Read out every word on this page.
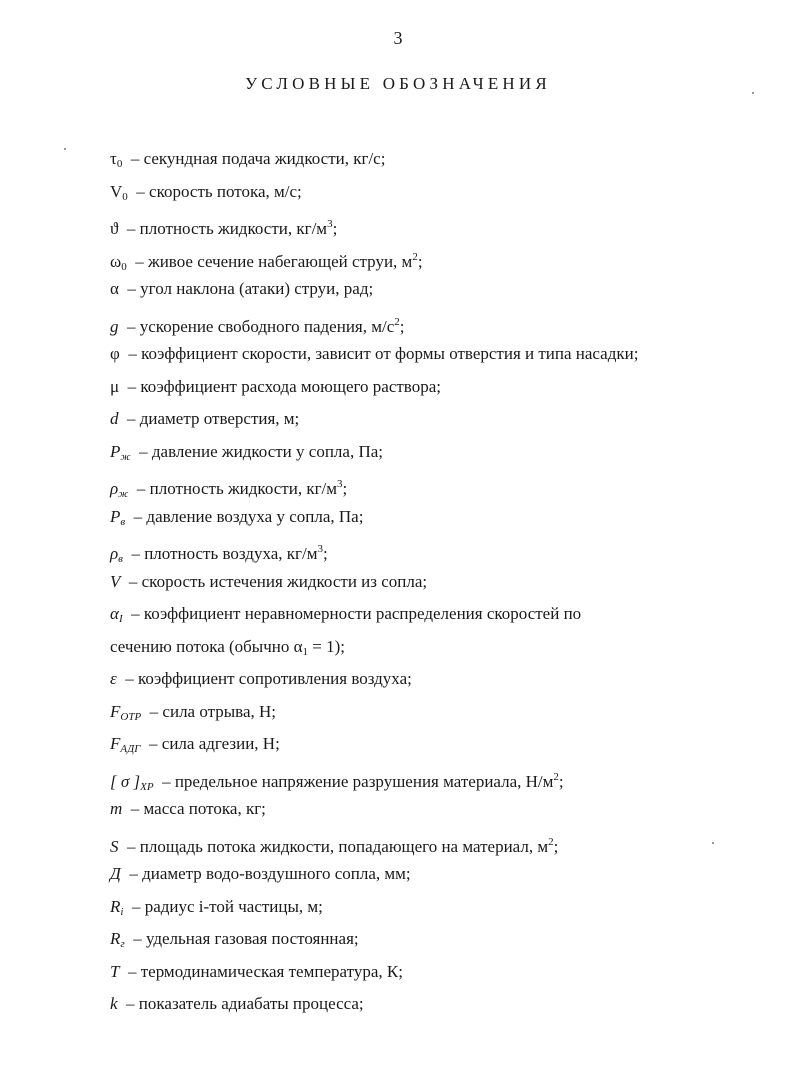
3
УСЛОВНЫЕ ОБОЗНАЧЕНИЯ
$\tau_0$ – секундная подача жидкости, кг/с;
$V_0$ – скорость потока, м/с;
ϑ – плотность жидкости, $кг/м^3$;
$\omega_0$ – живое сечение набегающей струи, $м^2$;
α – угол наклона (атаки) струи, рад;
g – ускорение свободного падения, $м/с^2$;
φ – коэффициент скорости, зависит от формы отверстия и типа насадки;
μ – коэффициент расхода моющего раствора;
d – диаметр отверстия, м;
$P_ж$ – давление жидкости у сопла, Па;
$\rho_ж$ – плотность жидкости, $кг/м^3$;
$P_в$ – давление воздуха у сопла, Па;
$\rho_в$ – плотность воздуха, $кг/м^3$;
V – скорость истечения жидкости из сопла;
$\alpha_I$ – коэффициент неравномерности распределения скоростей по
сечению потока (обычно $\alpha_1 = 1$);
ε – коэффициент сопротивления воздуха;
$F_{ОТР}$ – сила отрыва, Н;
$F_{АДГ}$ – сила адгезии, Н;
[ σ ]$_{ХР}$ – предельное напряжение разрушения материала, $Н/м^2$;
m – масса потока, кг;
S – площадь потока жидкости, попадающего на материал, $м^2$;
Д – диаметр водо-воздушного сопла, мм;
$R_i$ – радиус i-той частицы, м;
$R_г$ – удельная газовая постоянная;
T – термодинамическая температура, К;
k – показатель адиабаты процесса;
